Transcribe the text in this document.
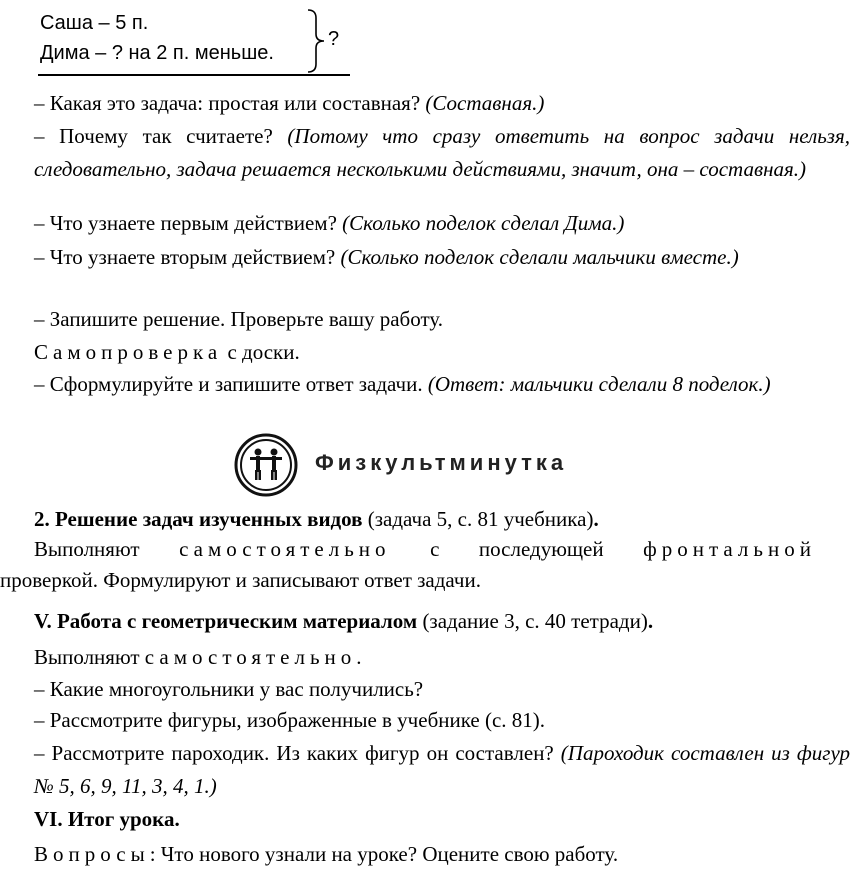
Саша – 5 п.
Дима – ? на 2 п. меньше.
?
– Какая это задача: простая или составная? (Составная.)
– Почему так считаете? (Потому что сразу ответить на вопрос задачи нельзя, следовательно, задача решается несколькими действиями, значит, она – составная.)
– Что узнаете первым действием? (Сколько поделок сделал Дима.)
– Что узнаете вторым действием? (Сколько поделок сделали мальчики вместе.)
– Запишите решение. Проверьте вашу работу.
Самопроверка с доски.
– Сформулируйте и запишите ответ задачи. (Ответ: мальчики сделали 8 поделок.)
Физкультминутка
2. Решение задач изученных видов (задача 5, с. 81 учебника).
Выполняют самостоятельно с последующей фронтальной
проверкой. Формулируют и записывают ответ задачи.
V. Работа с геометрическим материалом (задание 3, с. 40 тетради).
Выполняют самостоятельно.
– Какие многоугольники у вас получились?
– Рассмотрите фигуры, изображенные в учебнике (с. 81).
– Рассмотрите пароходик. Из каких фигур он составлен? (Пароходик составлен из фигур № 5, 6, 9, 11, 3, 4, 1.)
VI. Итог урока.
Вопросы: Что нового узнали на уроке? Оцените свою работу.
